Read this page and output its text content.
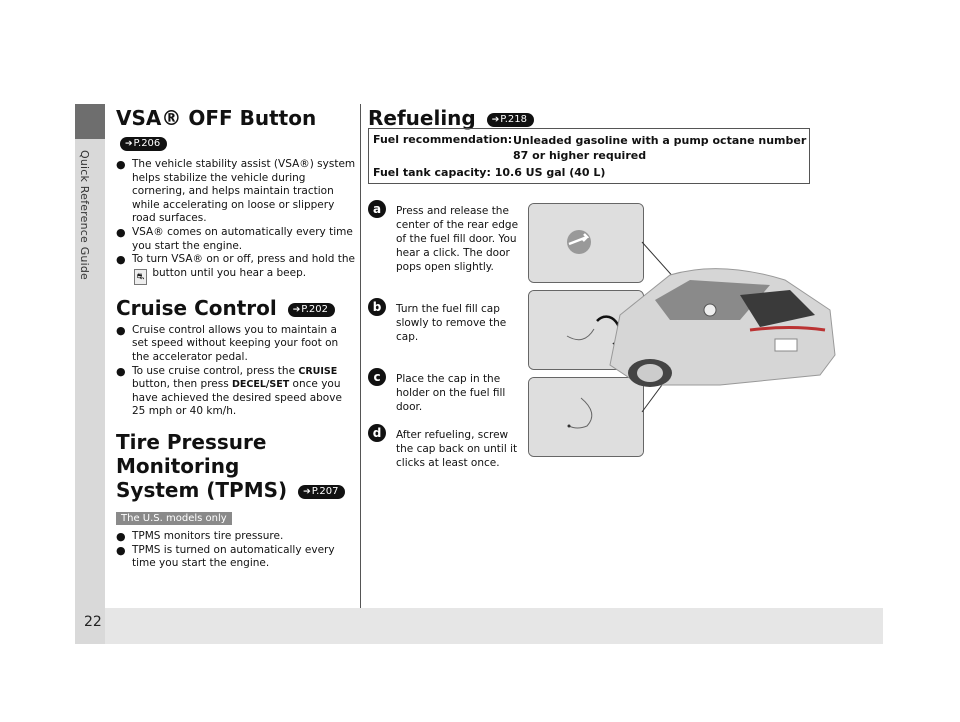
Quick Reference Guide
22
VSA® OFF Button ➔P.206
● The vehicle stability assist (VSA®) system helps stabilize the vehicle during cornering, and helps maintain traction while accelerating on loose or slippery road surfaces.
● VSA® comes on automatically every time you start the engine.
● To turn VSA® on or off, press and hold the ⛐ button until you hear a beep.
Cruise Control ➔P.202
● Cruise control allows you to maintain a set speed without keeping your foot on the accelerator pedal.
● To use cruise control, press the CRUISE button, then press DECEL/SET once you have achieved the desired speed above 25 mph or 40 km/h.
Tire Pressure Monitoring
System (TPMS) ➔P.207
The U.S. models only
● TPMS monitors tire pressure.
● TPMS is turned on automatically every time you start the engine.
Refueling ➔P.218
Fuel recommendation: Unleaded gasoline with a pump octane number 87 or higher required
Fuel tank capacity: 10.6 US gal (40 L)
a	Press and release the center of the rear edge of the fuel fill door. You hear a click. The door pops open slightly.
b	Turn the fuel fill cap slowly to remove the cap.
c	Place the cap in the holder on the fuel fill door.
d	After refueling, screw the cap back on until it clicks at least once.
